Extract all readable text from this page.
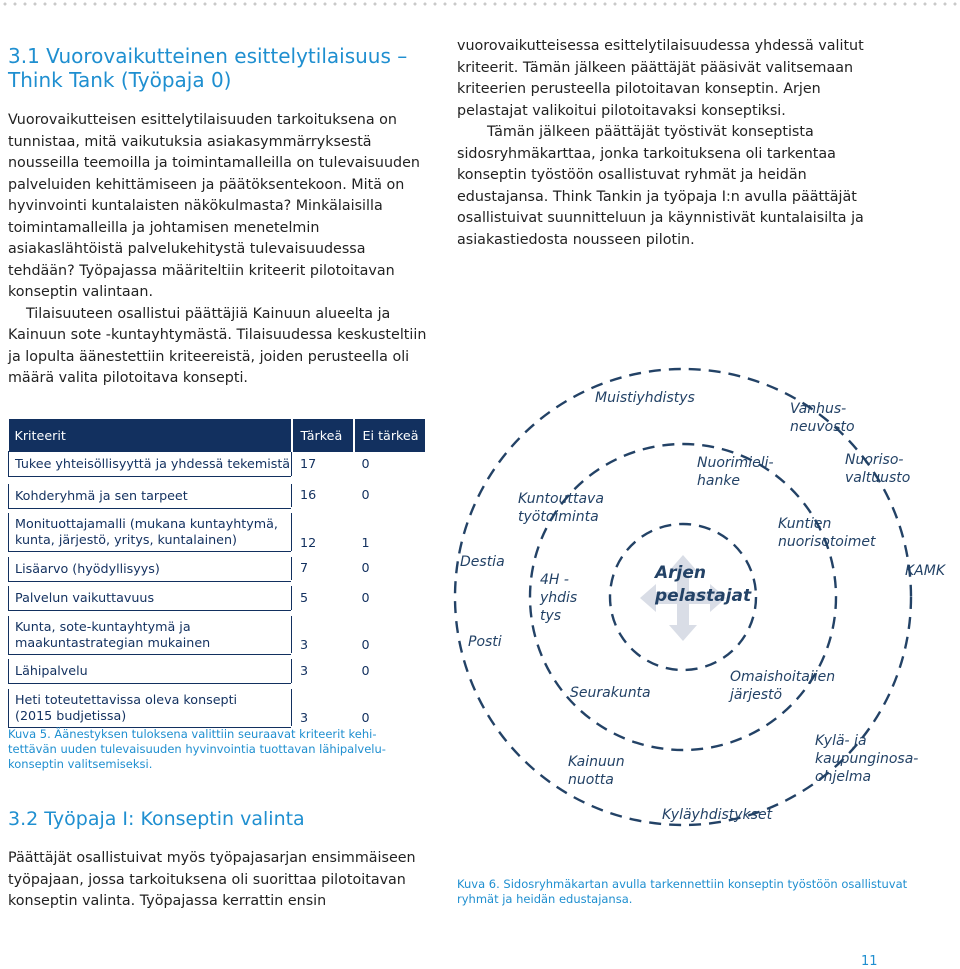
3.1 Vuorovaikutteinen esittelytilaisuus –
Think Tank (Työpaja 0)

Vuorovaikutteisen esittelytilaisuuden tarkoituksena on tunnistaa, mitä vaikutuksia asiakasymmärryksestä nousseilla teemoilla ja toimintamalleilla on tulevaisuuden palveluiden kehittämiseen ja päätöksentekoon. Mitä on hyvinvointi kuntalaisten näkökulmasta? Minkälaisilla toimintamalleilla ja johtamisen menetelmin asiakaslähtöistä palvelukehitystä tulevaisuudessa tehdään? Työpajassa määriteltiin kriteerit pilotoitavan konseptin valintaan.

Tilaisuuteen osallistui päättäjiä Kainuun alueelta ja Kainuun sote -kuntayhtymästä. Tilaisuudessa keskusteltiin ja lopulta äänestettiin kriteereistä, joiden perusteella oli määrä valita pilotoitava konsepti.

vuorovaikutteisessa esittelytilaisuudessa yhdessä valitut kriteerit. Tämän jälkeen päättäjät pääsivät valitsemaan kriteerien perusteella pilotoitavan konseptin. Arjen pelastajat valikoitui pilotoitavaksi konseptiksi.

Tämän jälkeen päättäjät työstivät konseptista sidosryhmäkarttaa, jonka tarkoituksena oli tarkentaa konseptin työstöön osallistuvat ryhmät ja heidän edustajansa. Think Tankin ja työpaja I:n avulla päättäjät osallistuivat suunnitteluun ja käynnistivät kuntalaisilta ja asiakastiedosta nousseen pilotin.

Kriteerit	Tärkeä	Ei tärkeä

Tukee yhteisöllisyyttä ja yhdessä tekemistä	17	0

Kohderyhmä ja sen tarpeet	16	0

Monituottajamalli (mukana kuntayhtymä,
kunta, järjestö, yritys, kuntalainen)	12	1

Lisäarvo (hyödyllisyys)	7	0

Palvelun vaikuttavuus	5	0

Kunta, sote-kuntayhtymä ja
maakuntastrategian mukainen	3	0

Lähipalvelu	3	0

Heti toteutettavissa oleva konsepti
(2015 budjetissa)	3	0

Kuva 5. Äänestyksen tuloksena valittiin seuraavat kriteerit kehi-
tettävän uuden tulevaisuuden hyvinvointia tuottavan lähipalvelu-
konseptin valitsemiseksi.
3.2 Työpaja I: Konseptin valinta
Päättäjät osallistuivat myös työpajasarjan ensimmäiseen työpajaan, jossa tarkoituksena oli suorittaa pilotoitavan konseptin valinta. Työpajassa kerrattin ensin
Arjen
pelastajat
Muistiyhdistys
Vanhus-
neuvosto
Nuorimieli-
hanke
Nuoriso-
valtuusto
Kuntouttava
työtoiminta	Kuntien
nuorisotoimet
Destia
KAMK
4H -
yhdis
tys
Posti
Omaishoitajien
järjestö
Seurakunta
Kylä- ja
kaupunginosa-
ohjelma
Kainuun
nuotta
Kyläyhdistykset
Kuva 6. Sidosryhmäkartan avulla tarkennettiin konseptin työstöön osallistuvat
ryhmät ja heidän edustajansa.
11
